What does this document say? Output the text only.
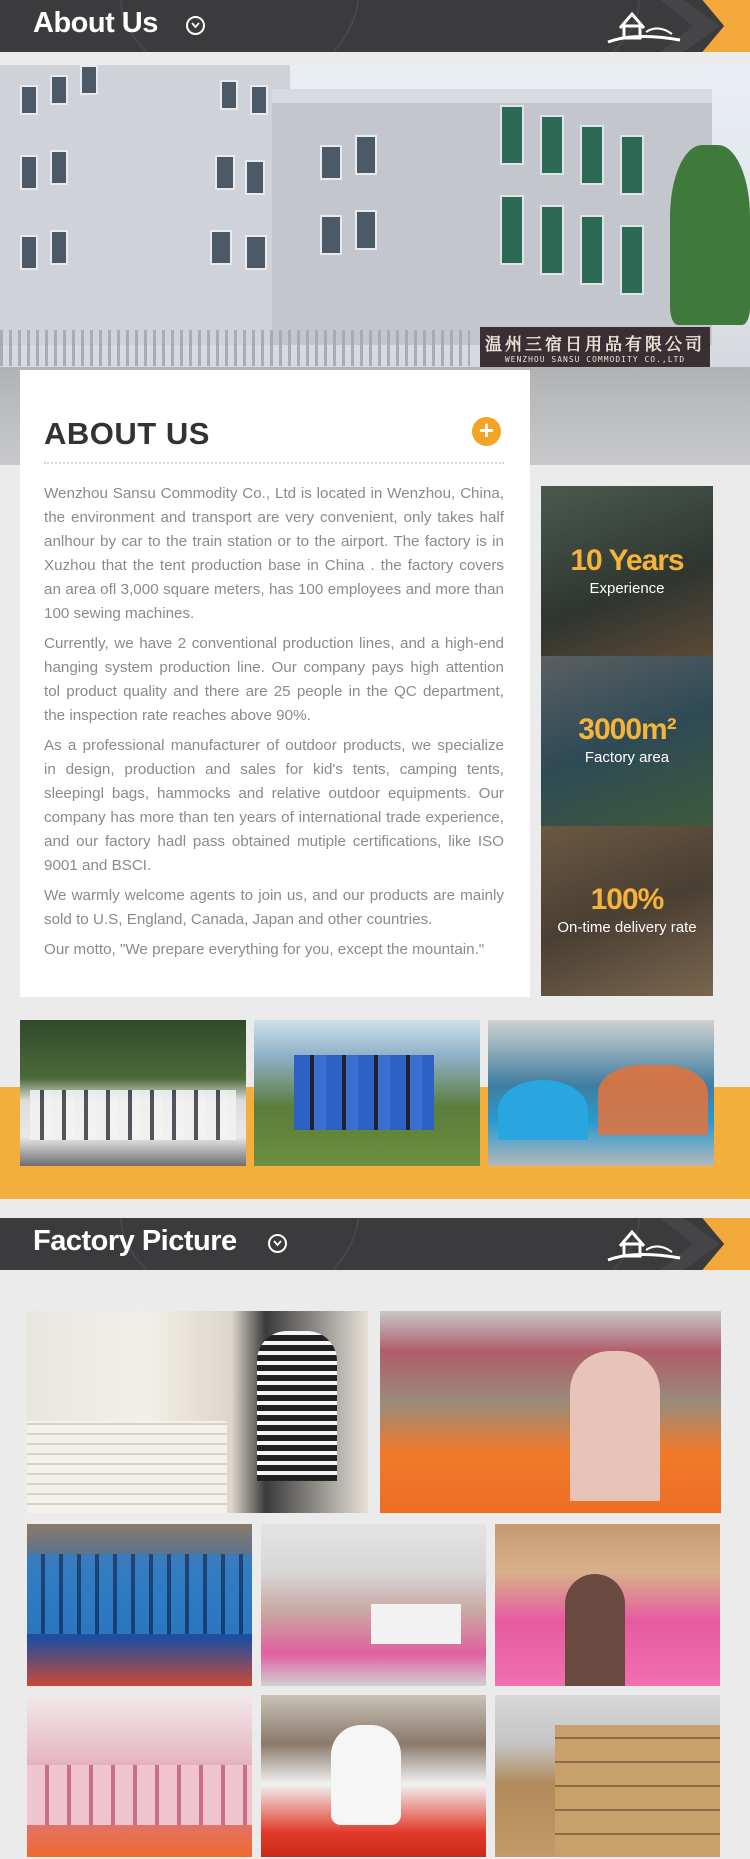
About Us
温州三宿日用品有限公司
WENZHOU SANSU COMMODITY CO.,LTD
ABOUT US	+

Wenzhou Sansu Commodity Co., Ltd is located in Wenzhou, China, the environment and transport are very convenient, only takes half anlhour by car to the train station or to the airport. The factory is in Xuzhou that the tent production base in China . the factory covers an area ofl 3,000 square meters, has 100 employees and more than 100 sewing machines.

Currently, we have 2 conventional production lines, and a high-end hanging system production line. Our company pays high attention tol product quality and there are 25 people in the QC department, the inspection rate reaches above 90%.

As a professional manufacturer of outdoor products, we specialize in design, production and sales for kid's tents, camping tents, sleepingl bags, hammocks and relative outdoor equipments. Our company has more than ten years of international trade experience, and our factory hadl pass obtained mutiple certifications, like ISO 9001 and BSCI.

We warmly welcome agents to join us, and our products are mainly sold to U.S, England, Canada, Japan and other countries.

Our motto, "We prepare everything for you, except the mountain."

10 Years
Experience
3000m²
Factory area
100%
On-time delivery rate
Factory Picture
